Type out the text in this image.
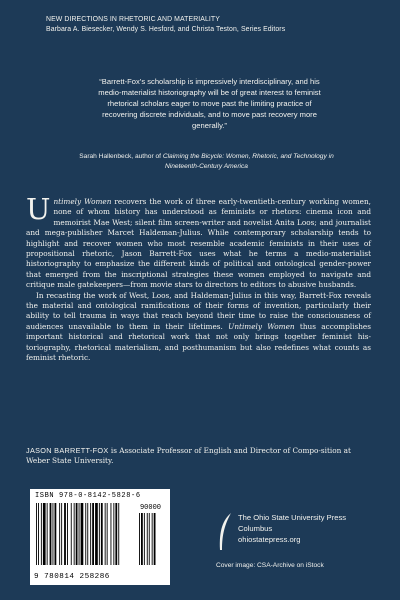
NEW DIRECTIONS IN RHETORIC AND MATERIALITY
Barbara A. Biesecker, Wendy S. Hesford, and Christa Teston, Series Editors
“Barrett-Fox’s scholarship is impressively interdisciplinary, and his medio-materialist historiography will be of great interest to feminist rhetorical scholars eager to move past the limiting practice of recovering discrete individuals, and to move past recovery more generally.”
Sarah Hallenbeck, author of Claiming the Bicycle: Women, Rhetoric, and Technology in Nineteenth-Century America

Untimely Women recovers the work of three early-twentieth-century working women, none of whom history has understood as feminists or rhetors: cinema icon and memoirist Mae West; silent film screen-writer and novelist Anita Loos; and journalist and mega-publisher Marcet Haldeman-Julius. While contemporary scholarship tends to highlight and recover women who most resemble academic feminists in their uses of propositional rhetoric, Jason Barrett-Fox uses what he terms a medio-materialist historiography to emphasize the different kinds of political and ontological gender-power that emerged from the inscriptional strategies these women employed to navigate and critique male gatekeepers—from movie stars to directors to editors to abusive husbands.

In recasting the work of West, Loos, and Haldeman-Julius in this way, Barrett-Fox reveals the material and ontological ramifications of their forms of invention, particularly their ability to tell trauma in ways that reach beyond their time to raise the consciousness of audiences unavailable to them in their lifetimes. Untimely Women thus accomplishes important historical and rhetorical work that not only brings together feminist his-toriography, rhetorical materialism, and posthumanism but also redefines what counts as feminist rhetoric.

JASON BARRETT-FOX is Associate Professor of English and Director of Compo-sition at Weber State University.
ISBN 978-0-8142-5828-6
90000
9 780814 258286
The Ohio State University Press
Columbus
ohiostatepress.org
Cover image: CSA-Archive on iStock
